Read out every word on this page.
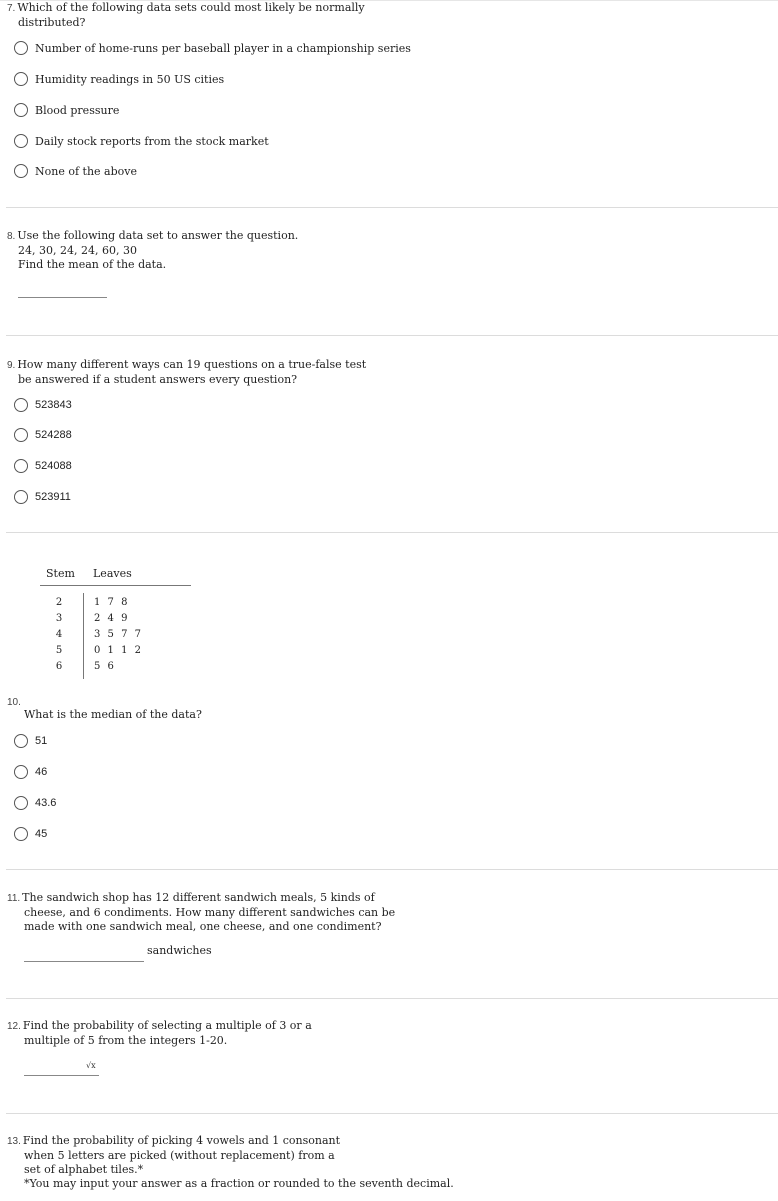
7. Which of the following data sets could most likely be normally
distributed?
Number of home-runs per baseball player in a championship series
Humidity readings in 50 US cities
Blood pressure
Daily stock reports from the stock market
None of the above
8. Use the following data set to answer the question.
24, 30, 24, 24, 60, 30
Find the mean of the data.
9. How many different ways can 19 questions on a true-false test
be answered if a student answers every question?
523843
524288
524088
523911
Stem Leaves
2	1 7 8
3	2 4 9
4	3 5 7 7
5	0 1 1 2
6	5 6
10.
What is the median of the data?
51
46
43.6
45
11. The sandwich shop has 12 different sandwich meals, 5 kinds of
cheese, and 6 condiments. How many different sandwiches can be
made with one sandwich meal, one cheese, and one condiment?
sandwiches
12. Find the probability of selecting a multiple of 3 or a
multiple of 5 from the integers 1-20.
√x
13. Find the probability of picking 4 vowels and 1 consonant
when 5 letters are picked (without replacement) from a
set of alphabet tiles.*
*You may input your answer as a fraction or rounded to the seventh decimal.
